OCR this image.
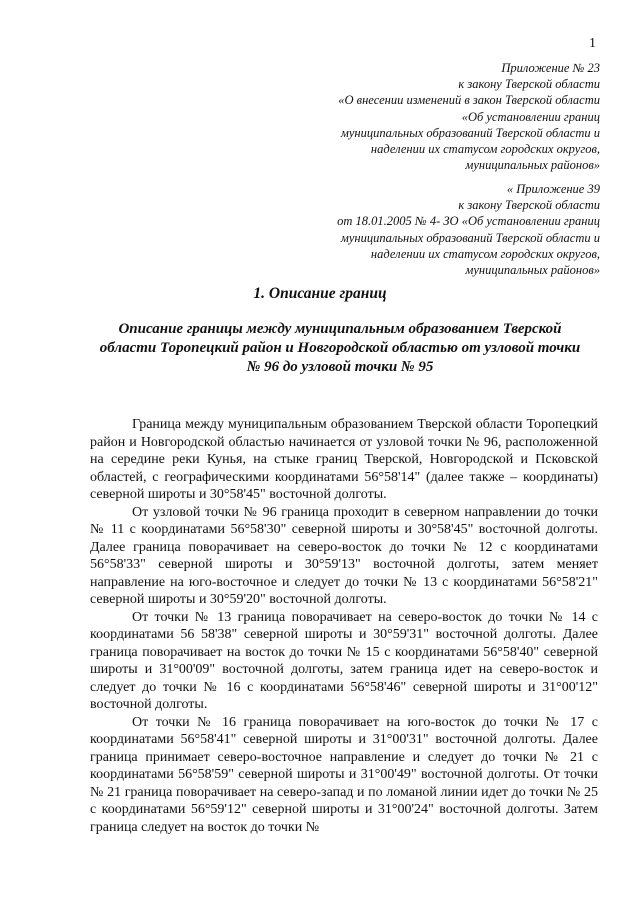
1
Приложение № 23
к закону Тверской области
«О внесении изменений в закон Тверской области
«Об установлении границ
муниципальных образований Тверской области и
наделении их статусом городских округов,
муниципальных районов»
« Приложение 39
к закону Тверской области
от 18.01.2005 № 4- ЗО «Об установлении границ
муниципальных образований Тверской области и
наделении их статусом городских округов,
муниципальных районов»
1. Описание границ
Описание границы между муниципальным образованием Тверской
области Торопецкий район и Новгородской областью от узловой точки
№ 96 до узловой точки № 95

Граница между муниципальным образованием Тверской области Торопецкий район и Новгородской областью начинается от узловой точки № 96, расположенной на середине реки Кунья, на стыке границ Тверской, Новгородской и Псковской областей, с географическими координатами 56°58'14" (далее также – координаты) северной широты и 30°58'45" восточной долготы.

От узловой точки № 96 граница проходит в северном направлении до точки № 11 с координатами 56°58'30" северной широты и 30°58'45" восточной долготы. Далее граница поворачивает на северо-восток до точки № 12 с координатами 56°58'33" северной широты и 30°59'13" восточной долготы, затем меняет направление на юго-восточное и следует до точки № 13 с координатами 56°58'21" северной широты и 30°59'20" восточной долготы.

От точки № 13 граница поворачивает на северо-восток до точки № 14 с координатами 56 58'38" северной широты и 30°59'31" восточной долготы. Далее граница поворачивает на восток до точки № 15 с координатами 56°58'40" северной широты и 31°00'09" восточной долготы, затем граница идет на северо-восток и следует до точки № 16 с координатами 56°58'46" северной широты и 31°00'12" восточной долготы.

От точки № 16 граница поворачивает на юго-восток до точки № 17 с координатами 56°58'41" северной широты и 31°00'31" восточной долготы. Далее граница принимает северо-восточное направление и следует до точки № 21 с координатами 56°58'59" северной широты и 31°00'49" восточной долготы. От точки № 21 граница поворачивает на северо-запад и по ломаной линии идет до точки № 25 с координатами 56°59'12" северной широты и 31°00'24" восточной долготы. Затем граница следует на восток до точки №
